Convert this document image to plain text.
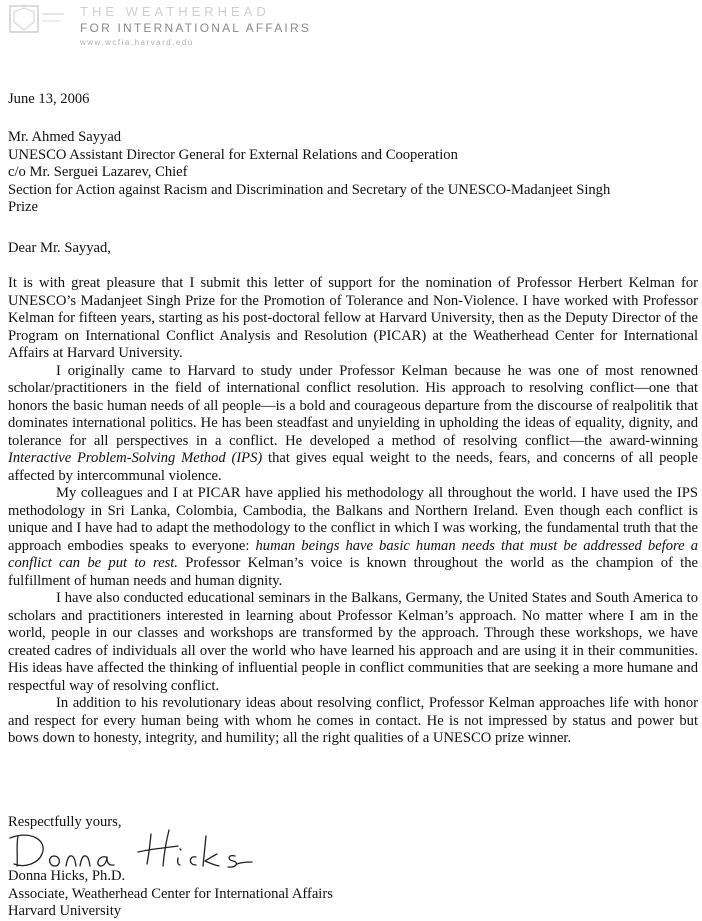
THE WEATHERHEAD
FOR INTERNATIONAL AFFAIRS
www.wcfia.harvard.edu
June 13, 2006
Mr. Ahmed Sayyad
UNESCO Assistant Director General for External Relations and Cooperation
c/o Mr. Serguei Lazarev, Chief
Section for Action against Racism and Discrimination and Secretary of the UNESCO-Madanjeet Singh
Prize
Dear Mr. Sayyad,

It is with great pleasure that I submit this letter of support for the nomination of Professor Herbert Kelman for UNESCO’s Madanjeet Singh Prize for the Promotion of Tolerance and Non-Violence. I have worked with Professor Kelman for fifteen years, starting as his post-doctoral fellow at Harvard University, then as the Deputy Director of the Program on International Conflict Analysis and Resolution (PICAR) at the Weatherhead Center for International Affairs at Harvard University.

I originally came to Harvard to study under Professor Kelman because he was one of most renowned scholar/practitioners in the field of international conflict resolution. His approach to resolving conflict—one that honors the basic human needs of all people—is a bold and courageous departure from the discourse of realpolitik that dominates international politics. He has been steadfast and unyielding in upholding the ideas of equality, dignity, and tolerance for all perspectives in a conflict. He developed a method of resolving conflict—the award-winning Interactive Problem-Solving Method (IPS) that gives equal weight to the needs, fears, and concerns of all people affected by intercommunal violence.

My colleagues and I at PICAR have applied his methodology all throughout the world. I have used the IPS methodology in Sri Lanka, Colombia, Cambodia, the Balkans and Northern Ireland. Even though each conflict is unique and I have had to adapt the methodology to the conflict in which I was working, the fundamental truth that the approach embodies speaks to everyone: human beings have basic human needs that must be addressed before a conflict can be put to rest. Professor Kelman’s voice is known throughout the world as the champion of the fulfillment of human needs and human dignity.

I have also conducted educational seminars in the Balkans, Germany, the United States and South America to scholars and practitioners interested in learning about Professor Kelman’s approach. No matter where I am in the world, people in our classes and workshops are transformed by the approach. Through these workshops, we have created cadres of individuals all over the world who have learned his approach and are using it in their communities. His ideas have affected the thinking of influential people in conflict communities that are seeking a more humane and respectful way of resolving conflict.

In addition to his revolutionary ideas about resolving conflict, Professor Kelman approaches life with honor and respect for every human being with whom he comes in contact. He is not impressed by status and power but bows down to honesty, integrity, and humility; all the right qualities of a UNESCO prize winner.

Respectfully yours,
Donna Hicks, Ph.D.
Associate, Weatherhead Center for International Affairs
Harvard University
